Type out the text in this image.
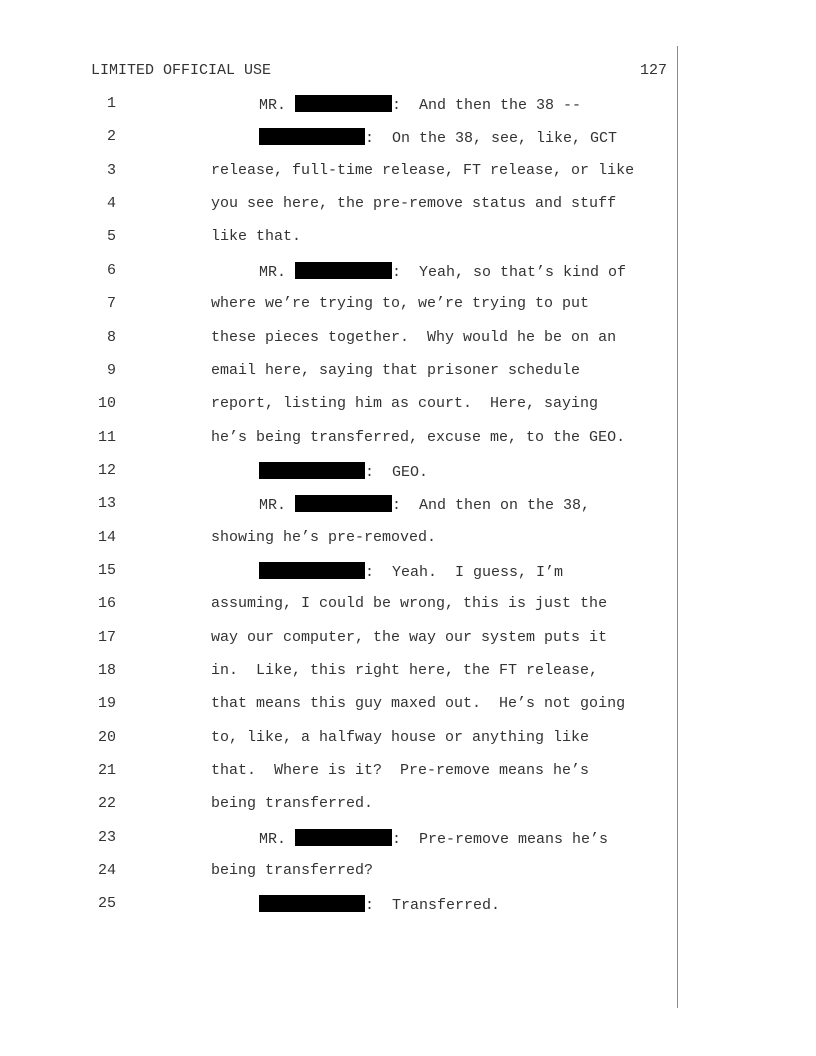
LIMITED OFFICIAL USE	127
1	MR.	:  And then the 38 --
2	:  On the 38, see, like, GCT
3	release, full-time release, FT release, or like
4	you see here, the pre-remove status and stuff
5	like that.
6	MR.	:  Yeah, so that’s kind of
7	where we’re trying to, we’re trying to put
8	these pieces together.  Why would he be on an
9	email here, saying that prisoner schedule
10	report, listing him as court.  Here, saying
11	he’s being transferred, excuse me, to the GEO.
12	:  GEO.
13	MR.	:  And then on the 38,
14	showing he’s pre-removed.
15	:  Yeah.  I guess, I’m
16	assuming, I could be wrong, this is just the
17	way our computer, the way our system puts it
18	in.  Like, this right here, the FT release,
19	that means this guy maxed out.  He’s not going
20	to, like, a halfway house or anything like
21	that.  Where is it?  Pre-remove means he’s
22	being transferred.
23	MR.	:  Pre-remove means he’s
24	being transferred?
25	:  Transferred.
